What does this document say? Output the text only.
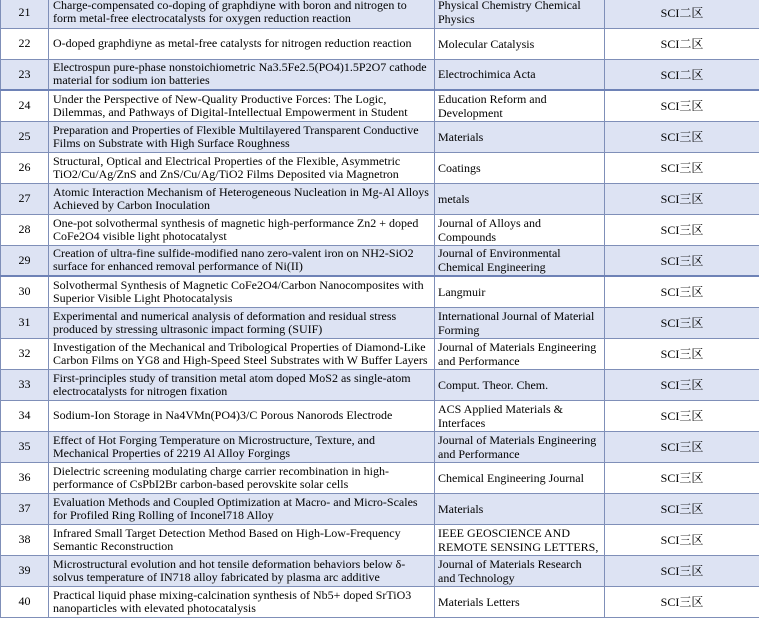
21	Charge-compensated co-doping of graphdiyne with boron and nitrogen to form metal-free electrocatalysts for oxygen reduction reaction	Physical Chemistry Chemical Physics	SCI二区
22	O-doped graphdiyne as metal-free catalysts for nitrogen reduction reaction	Molecular Catalysis	SCI二区
23	Electrospun pure-phase nonstoichiometric Na3.5Fe2.5(PO4)1.5P2O7 cathode material for sodium ion batteries	Electrochimica Acta	SCI二区
24	Under the Perspective of New-Quality Productive Forces: The Logic, Dilemmas, and Pathways of Digital-Intellectual Empowerment in Student	Education Reform and Development	SCI三区
25	Preparation and Properties of Flexible Multilayered Transparent Conductive Films on Substrate with High Surface Roughness	Materials	SCI三区
26	Structural, Optical and Electrical Properties of the Flexible, Asymmetric TiO2/Cu/Ag/ZnS and ZnS/Cu/Ag/TiO2 Films Deposited via Magnetron	Coatings	SCI三区
27	Atomic Interaction Mechanism of Heterogeneous Nucleation in Mg-Al Alloys Achieved by Carbon Inoculation	metals	SCI三区
28	One-pot solvothermal synthesis of magnetic high-performance Zn2 + doped CoFe2O4 visible light photocatalyst	Journal of Alloys and Compounds	SCI三区
29	Creation of ultra-fine sulfide-modified nano zero-valent iron on NH2-SiO2 surface for enhanced removal performance of Ni(II)	Journal of Environmental Chemical Engineering	SCI三区
30	Solvothermal Synthesis of Magnetic CoFe2O4/Carbon Nanocomposites with Superior Visible Light Photocatalysis	Langmuir	SCI三区
31	Experimental and numerical analysis of deformation and residual stress produced by stressing ultrasonic impact forming (SUIF)	International Journal of Material Forming	SCI三区
32	Investigation of the Mechanical and Tribological Properties of Diamond-Like Carbon Films on YG8 and High-Speed Steel Substrates with W Buffer Layers	Journal of Materials Engineering and Performance	SCI三区
33	First-principles study of transition metal atom doped MoS2 as single-atom electrocatalysts for nitrogen fixation	Comput. Theor. Chem.	SCI三区
34	Sodium-Ion Storage in Na4VMn(PO4)3/C Porous Nanorods Electrode	ACS Applied Materials & Interfaces	SCI三区
35	Effect of Hot Forging Temperature on Microstructure, Texture, and Mechanical Properties of 2219 Al Alloy Forgings	Journal of Materials Engineering and Performance	SCI三区
36	Dielectric screening modulating charge carrier recombination in high-performance of CsPbI2Br carbon-based perovskite solar cells	Chemical Engineering Journal	SCI三区
37	Evaluation Methods and Coupled Optimization at Macro- and Micro-Scales for Profiled Ring Rolling of Inconel718 Alloy	Materials	SCI三区
38	Infrared Small Target Detection Method Based on High-Low-Frequency Semantic Reconstruction	IEEE GEOSCIENCE AND REMOTE SENSING LETTERS,	SCI三区
39	Microstructural evolution and hot tensile deformation behaviors below δ-solvus temperature of IN718 alloy fabricated by plasma arc additive	Journal of Materials Research and Technology	SCI三区
40	Practical liquid phase mixing-calcination synthesis of Nb5+ doped SrTiO3 nanoparticles with elevated photocatalysis	Materials Letters	SCI三区
